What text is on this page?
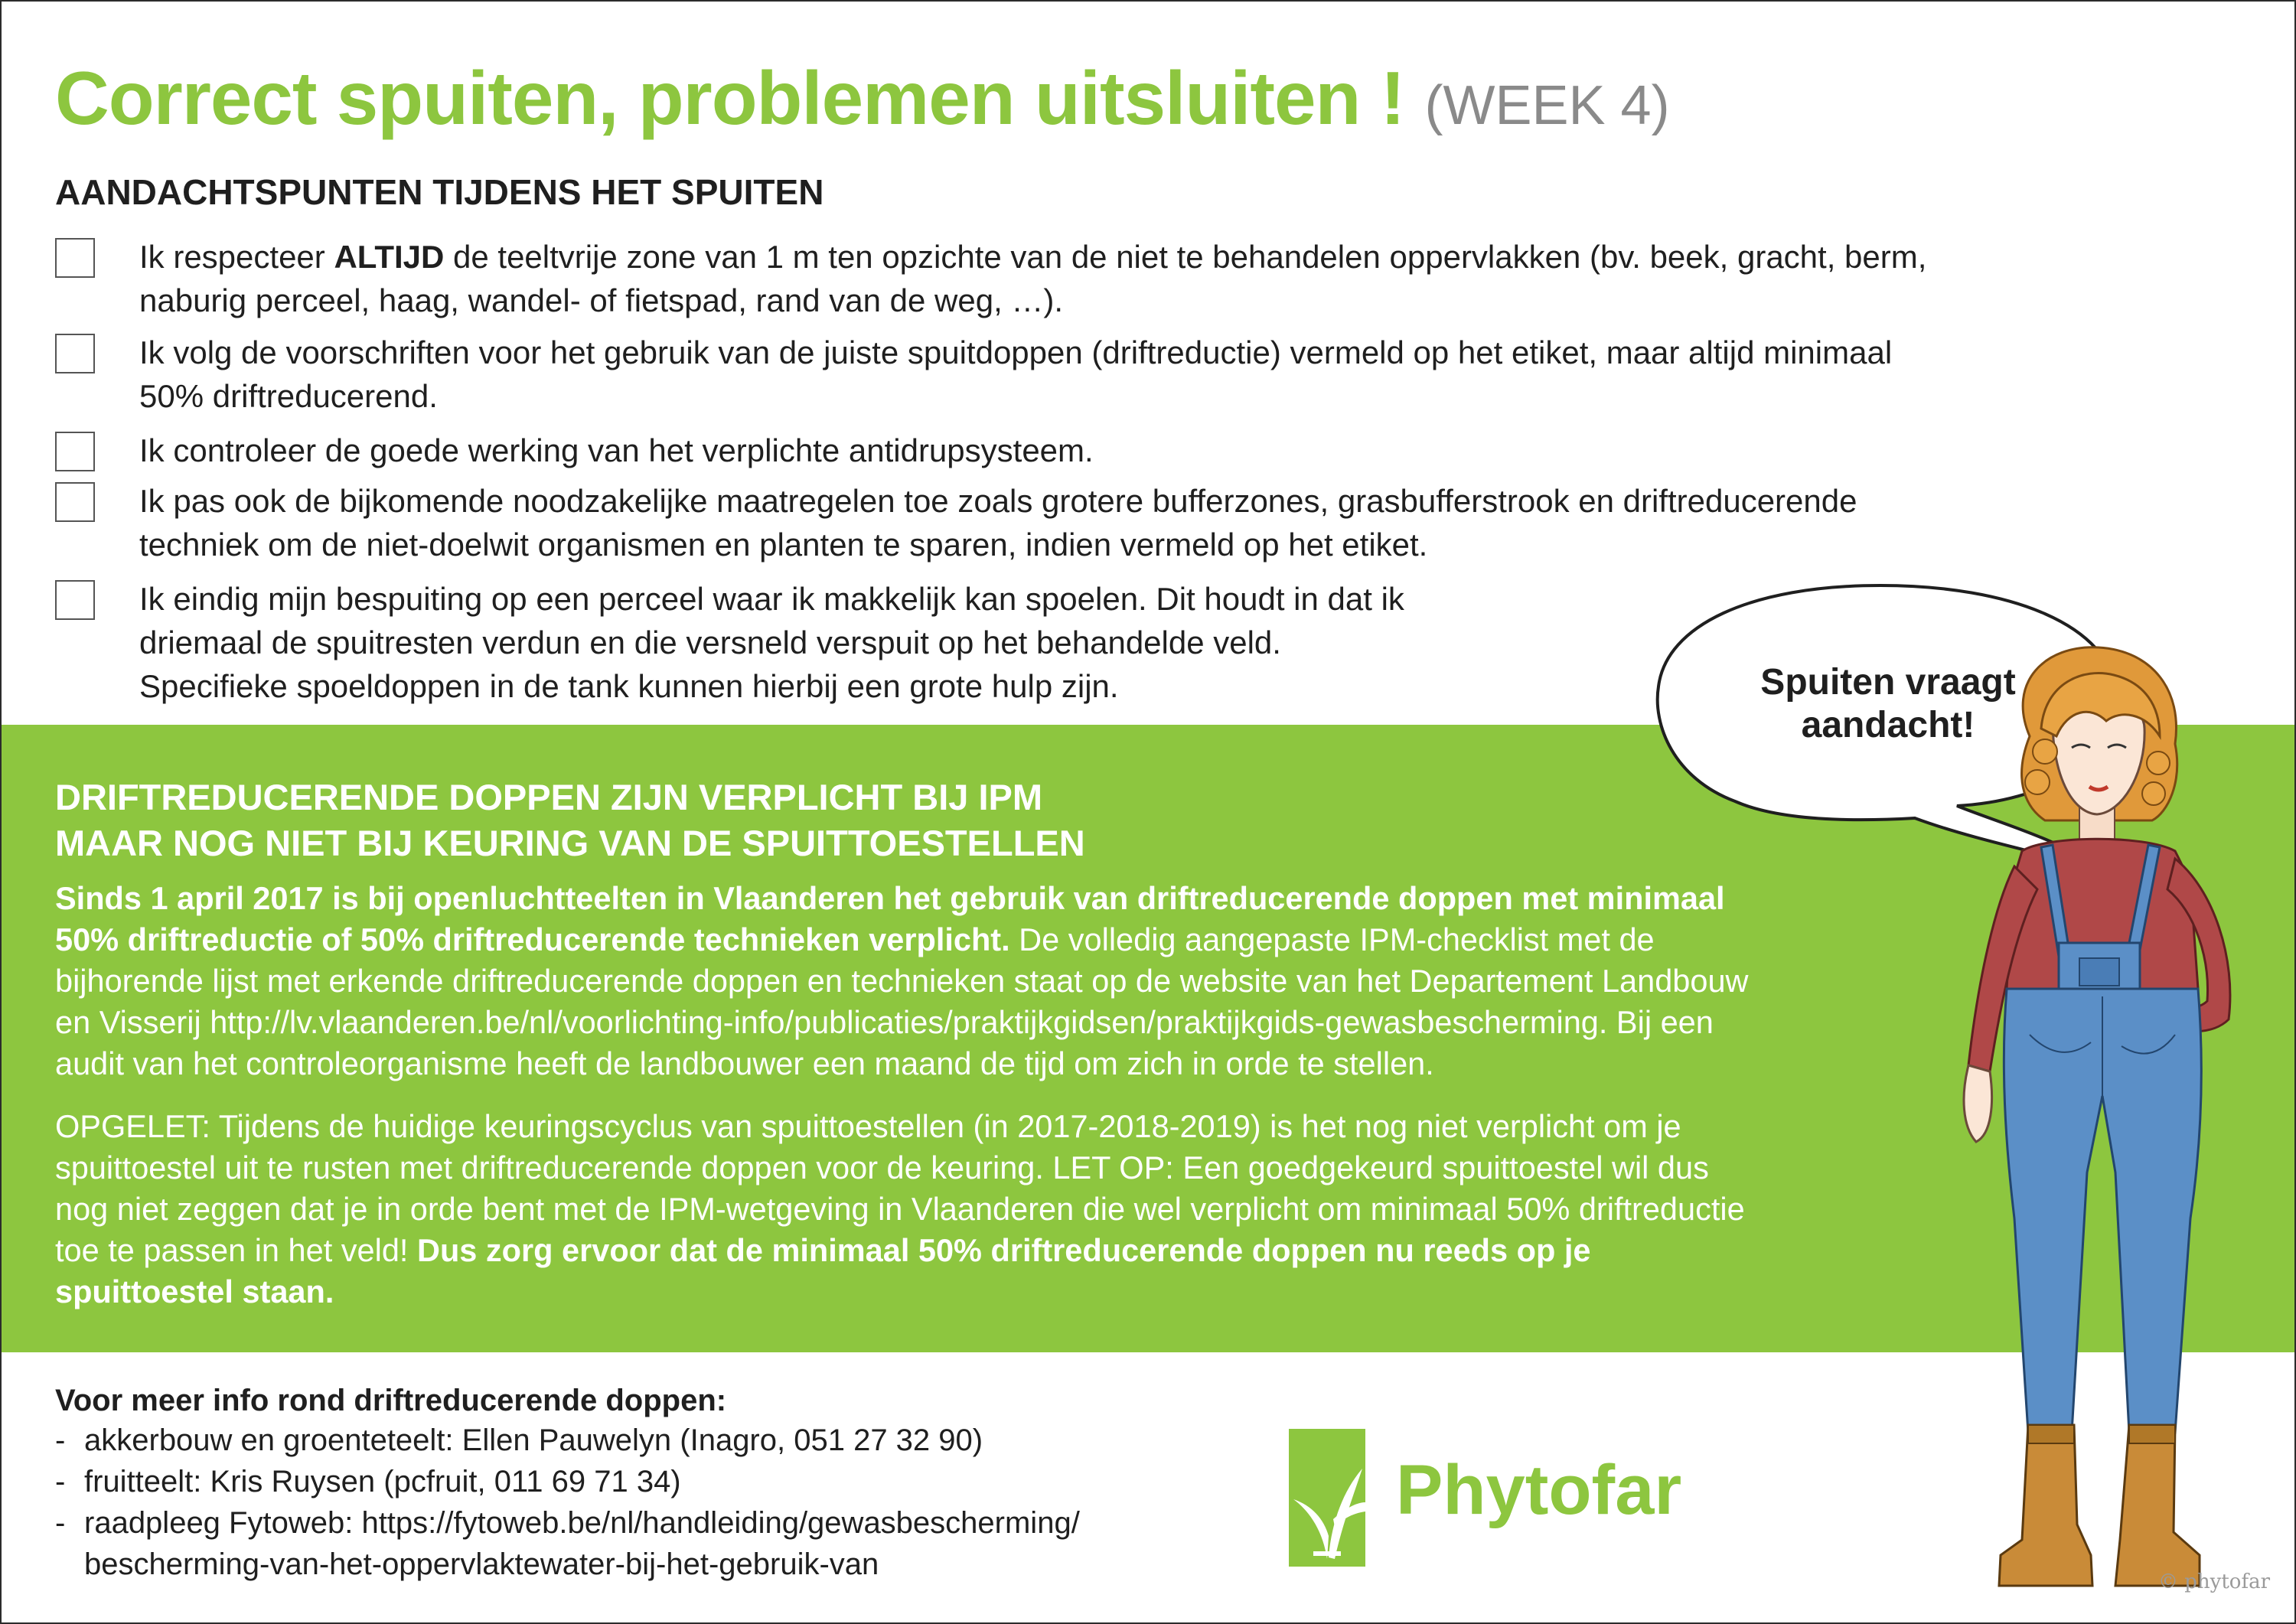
Correct spuiten, problemen uitsluiten ! (WEEK 4)
AANDACHTSPUNTEN TIJDENS HET SPUITEN
Ik respecteer ALTIJD de teeltvrije zone van 1 m ten opzichte van de niet te behandelen oppervlakken (bv. beek, gracht, berm,
naburig perceel, haag, wandel- of fietspad, rand van de weg, …).
Ik volg de voorschriften voor het gebruik van de juiste spuitdoppen (driftreductie) vermeld op het etiket, maar altijd minimaal
50% driftreducerend.
Ik controleer de goede werking van het verplichte antidrupsysteem.
Ik pas ook de bijkomende noodzakelijke maatregelen toe zoals grotere bufferzones, grasbufferstrook en driftreducerende
techniek om de niet-doelwit organismen en planten te sparen, indien vermeld op het etiket.
Ik eindig mijn bespuiting op een perceel waar ik makkelijk kan spoelen. Dit houdt in dat ik
driemaal de spuitresten verdun en die versneld verspuit op het behandelde veld.
Specifieke spoeldoppen in de tank kunnen hierbij een grote hulp zijn.
DRIFTREDUCERENDE DOPPEN ZIJN VERPLICHT BIJ IPM
MAAR NOG NIET BIJ KEURING VAN DE SPUITTOESTELLEN
Sinds 1 april 2017 is bij openluchtteelten in Vlaanderen het gebruik van driftreducerende doppen met minimaal
50% driftreductie of 50% driftreducerende technieken verplicht. De volledig aangepaste IPM-checklist met de
bijhorende lijst met erkende driftreducerende doppen en technieken staat op de website van het Departement Landbouw
en Visserij http://lv.vlaanderen.be/nl/voorlichting-info/publicaties/praktijkgidsen/praktijkgids-gewasbescherming. Bij een
audit van het controleorganisme heeft de landbouwer een maand de tijd om zich in orde te stellen.
OPGELET: Tijdens de huidige keuringscyclus van spuittoestellen (in 2017-2018-2019) is het nog niet verplicht om je
spuittoestel uit te rusten met driftreducerende doppen voor de keuring. LET OP: Een goedgekeurd spuittoestel wil dus
nog niet zeggen dat je in orde bent met de IPM-wetgeving in Vlaanderen die wel verplicht om minimaal 50% driftreductie
toe te passen in het veld! Dus zorg ervoor dat de minimaal 50% driftreducerende doppen nu reeds op je
spuittoestel staan.
Voor meer info rond driftreducerende doppen:
- akkerbouw en groenteteelt: Ellen Pauwelyn (Inagro, 051 27 32 90)
- fruitteelt: Kris Ruysen (pcfruit, 011 69 71 34)
- raadpleeg Fytoweb: https://fytoweb.be/nl/handleiding/gewasbescherming/
bescherming-van-het-oppervlaktewater-bij-het-gebruik-van
Phytofar
Spuiten vraagt
aandacht!
© phytofar
